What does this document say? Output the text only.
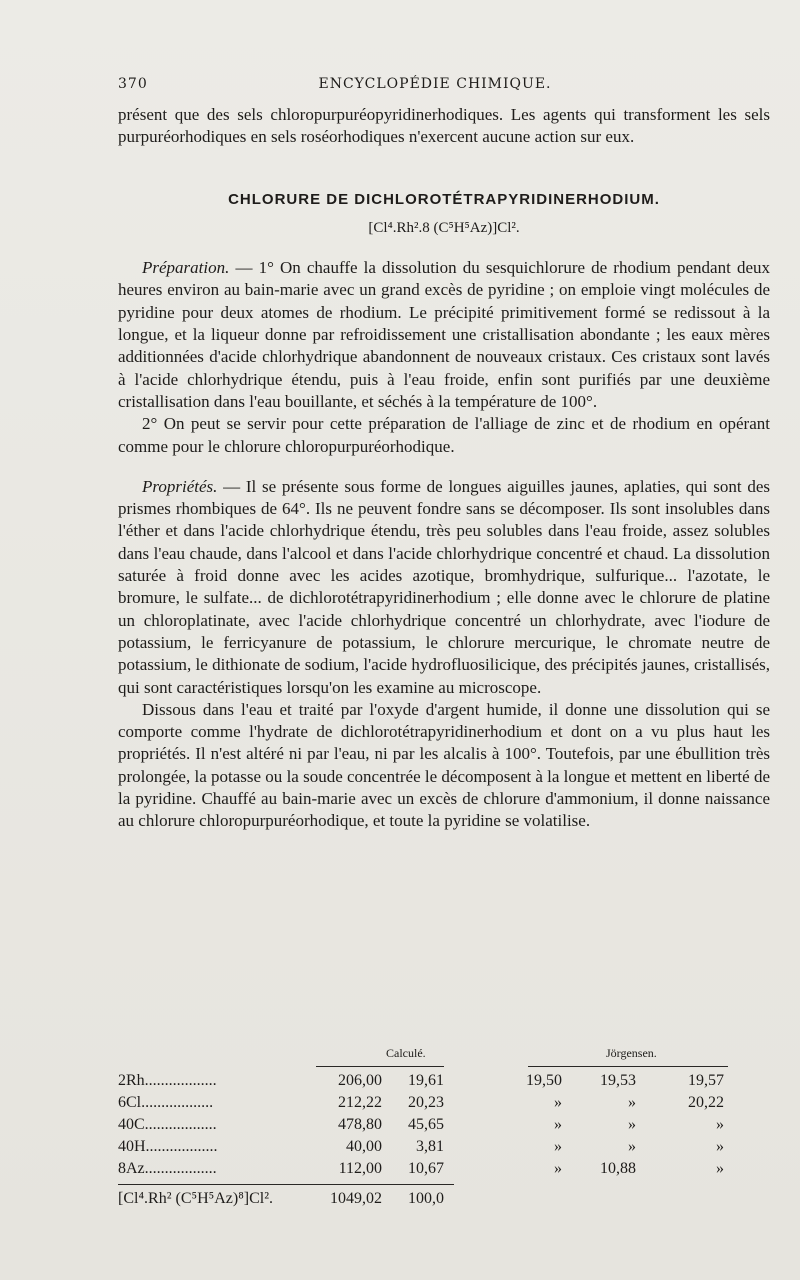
370	ENCYCLOPÉDIE CHIMIQUE.

présent que des sels chloropurpuréopyridinerhodiques. Les agents qui transforment les sels purpuréorhodiques en sels roséorhodiques n'exercent aucune action sur eux.

CHLORURE DE DICHLOROTÉTRAPYRIDINERHODIUM.

[Cl⁴.Rh².8 (C⁵H⁵Az)]Cl².

Préparation. — 1° On chauffe la dissolution du sesquichlorure de rhodium pendant deux heures environ au bain-marie avec un grand excès de pyridine ; on emploie vingt molécules de pyridine pour deux atomes de rhodium. Le précipité primitivement formé se redissout à la longue, et la liqueur donne par refroidissement une cristallisation abondante ; les eaux mères additionnées d'acide chlorhydrique abandonnent de nouveaux cristaux. Ces cristaux sont lavés à l'acide chlorhydrique étendu, puis à l'eau froide, enfin sont purifiés par une deuxième cristallisation dans l'eau bouillante, et séchés à la température de 100°.

2° On peut se servir pour cette préparation de l'alliage de zinc et de rhodium en opérant comme pour le chlorure chloropurpuréorhodique.

Propriétés. — Il se présente sous forme de longues aiguilles jaunes, aplaties, qui sont des prismes rhombiques de 64°. Ils ne peuvent fondre sans se décomposer. Ils sont insolubles dans l'éther et dans l'acide chlorhydrique étendu, très peu solubles dans l'eau froide, assez solubles dans l'eau chaude, dans l'alcool et dans l'acide chlorhydrique concentré et chaud. La dissolution saturée à froid donne avec les acides azotique, bromhydrique, sulfurique... l'azotate, le bromure, le sulfate... de dichlorotétrapyridinerhodium ; elle donne avec le chlorure de platine un chloroplatinate, avec l'acide chlorhydrique concentré un chlorhydrate, avec l'iodure de potassium, le ferricyanure de potassium, le chlorure mercurique, le chromate neutre de potassium, le dithionate de sodium, l'acide hydrofluosilicique, des précipités jaunes, cristallisés, qui sont caractéristiques lorsqu'on les examine au microscope.

Dissous dans l'eau et traité par l'oxyde d'argent humide, il donne une dissolution qui se comporte comme l'hydrate de dichlorotétrapyridinerhodium et dont on a vu plus haut les propriétés. Il n'est altéré ni par l'eau, ni par les alcalis à 100°. Toutefois, par une ébullition très prolongée, la potasse ou la soude concentrée le décomposent à la longue et mettent en liberté de la pyridine. Chauffé au bain-marie avec un excès de chlorure d'ammonium, il donne naissance au chlorure chloropurpuréorhodique, et toute la pyridine se volatilise.

Calculé.	Jörgensen.
2Rh..................	206,00	19,61	19,50	19,53	19,57
6Cl..................	212,22	20,23	»	»	20,22
40C..................	478,80	45,65	»	»	»
40H..................	40,00	3,81	»	»	»
8Az..................	112,00	10,67	»	10,88	»
[Cl⁴.Rh² (C⁵H⁵Az)⁸]Cl².	1049,02	100,0
